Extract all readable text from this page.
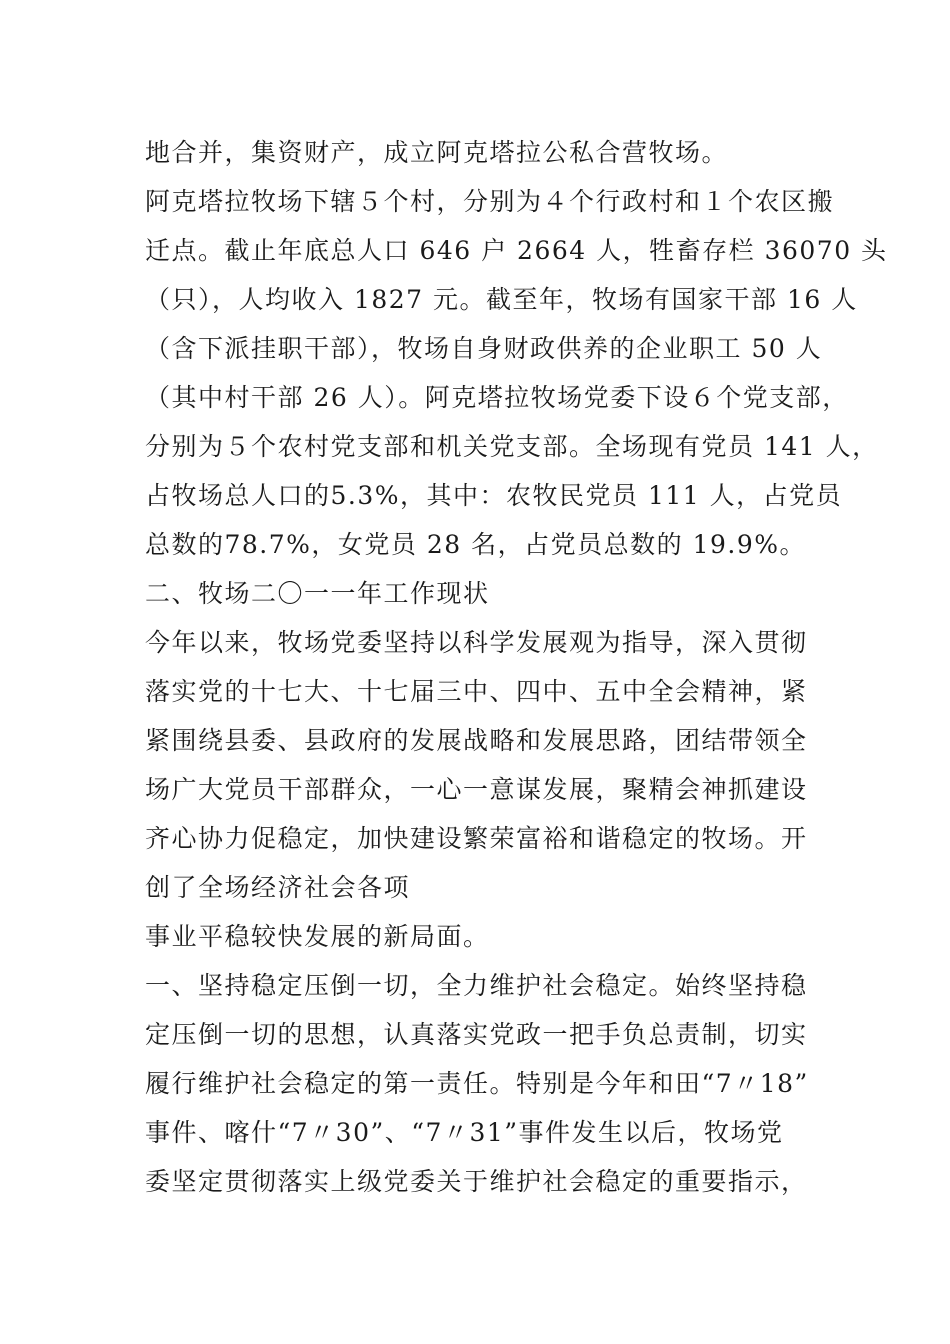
地合并，集资财产，成立阿克塔拉公私合营牧场。
阿克塔拉牧场下辖５个村，分别为４个行政村和１个农区搬
迁点。截止年底总人口 646 户 2664 人，牲畜存栏 36070 头
（只），人均收入 1827 元。截至年，牧场有国家干部 16 人
（含下派挂职干部），牧场自身财政供养的企业职工 50 人
（其中村干部 26 人）。阿克塔拉牧场党委下设６个党支部，
分别为５个农村党支部和机关党支部。全场现有党员 141 人，
占牧场总人口的5.3%，其中：农牧民党员 111 人，占党员
总数的78.7%，女党员 28 名，占党员总数的 19.9%。
二、牧场二〇一一年工作现状
今年以来，牧场党委坚持以科学发展观为指导，深入贯彻
落实党的十七大、十七届三中、四中、五中全会精神，紧
紧围绕县委、县政府的发展战略和发展思路，团结带领全
场广大党员干部群众，一心一意谋发展，聚精会神抓建设
齐心协力促稳定，加快建设繁荣富裕和谐稳定的牧场。开
创了全场经济社会各项
事业平稳较快发展的新局面。
一、坚持稳定压倒一切，全力维护社会稳定。始终坚持稳
定压倒一切的思想，认真落实党政一把手负总责制，切实
履行维护社会稳定的第一责任。特别是今年和田“7〃18”
事件、喀什“7〃30”、“7〃31”事件发生以后，牧场党
委坚定贯彻落实上级党委关于维护社会稳定的重要指示，
